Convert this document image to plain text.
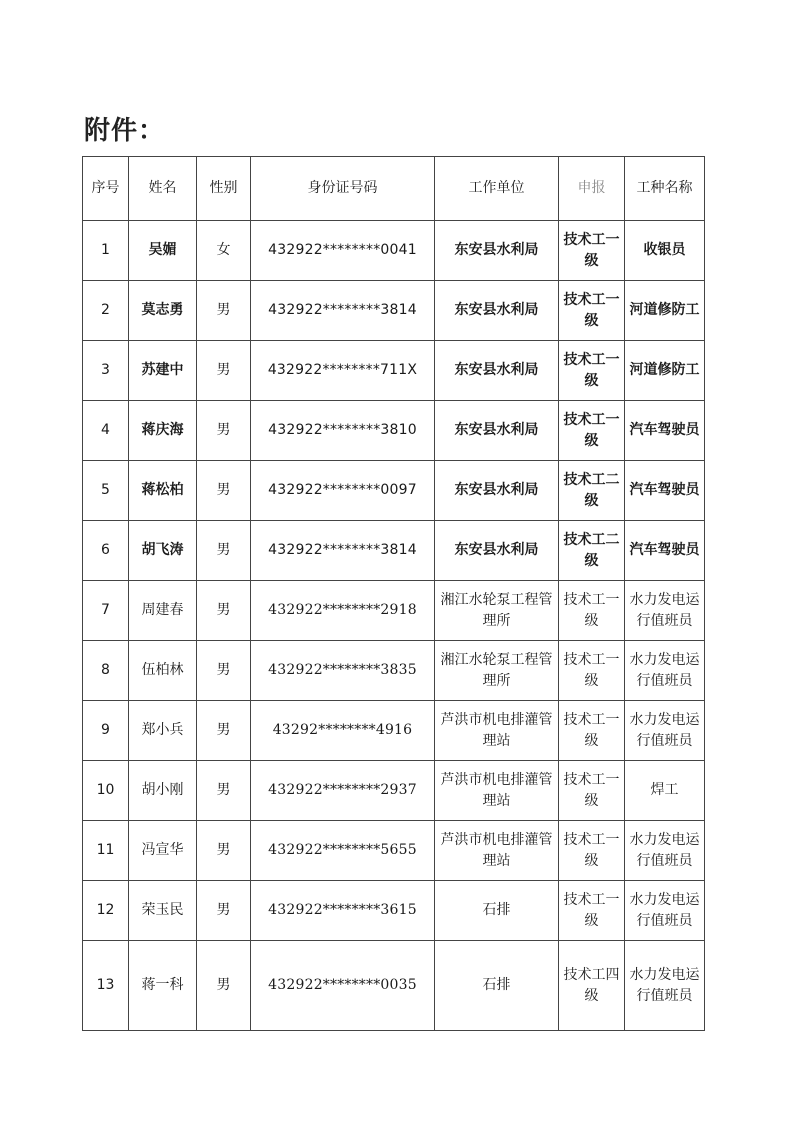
附件：
序号	姓名	性别	身份证号码	工作单位	申报	工种名称
1	吴媚	女	432922********0041	东安县水利局	技术工一级	收银员
2	莫志勇	男	432922********3814	东安县水利局	技术工一级	河道修防工
3	苏建中	男	432922********711X	东安县水利局	技术工一级	河道修防工
4	蒋庆海	男	432922********3810	东安县水利局	技术工一级	汽车驾驶员
5	蒋松柏	男	432922********0097	东安县水利局	技术工二级	汽车驾驶员
6	胡飞涛	男	432922********3814	东安县水利局	技术工二级	汽车驾驶员
7	周建春	男	432922********2918	湘江水轮泵工程管理所	技术工一级	水力发电运行值班员
8	伍柏林	男	432922********3835	湘江水轮泵工程管理所	技术工一级	水力发电运行值班员
9	郑小兵	男	43292********4916	芦洪市机电排灌管理站	技术工一级	水力发电运行值班员
10	胡小刚	男	432922********2937	芦洪市机电排灌管理站	技术工一级	焊工
11	冯宣华	男	432922********5655	芦洪市机电排灌管理站	技术工一级	水力发电运行值班员
12	荣玉民	男	432922********3615	石排	技术工一级	水力发电运行值班员
13	蒋一科	男	432922********0035	石排	技术工四级	水力发电运行值班员
